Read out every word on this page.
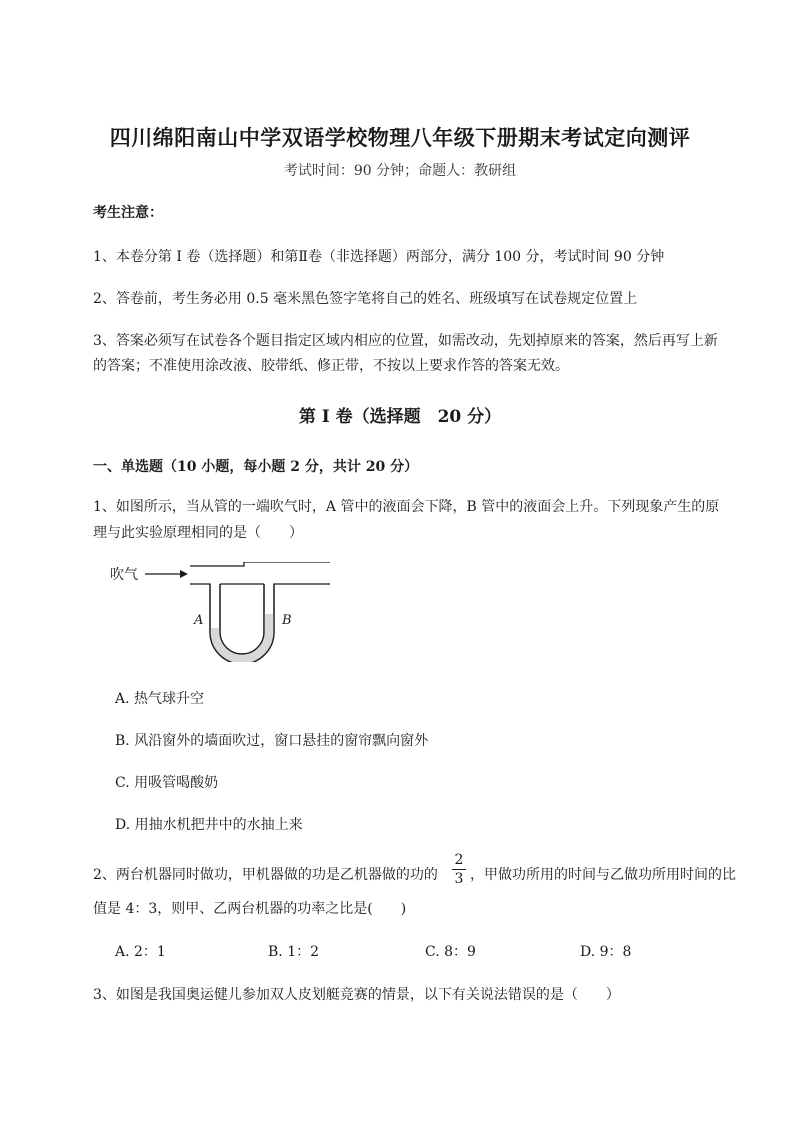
四川绵阳南山中学双语学校物理八年级下册期末考试定向测评
考试时间：90 分钟；命题人：教研组
考生注意：
1、本卷分第 I 卷（选择题）和第Ⅱ卷（非选择题）两部分，满分 100 分，考试时间 90 分钟
2、答卷前，考生务必用 0.5 毫米黑色签字笔将自己的姓名、班级填写在试卷规定位置上
3、答案必须写在试卷各个题目指定区域内相应的位置，如需改动，先划掉原来的答案，然后再写上新
的答案；不准使用涂改液、胶带纸、修正带，不按以上要求作答的答案无效。
第 I 卷（选择题　20 分）
一、单选题（10 小题，每小题 2 分，共计 20 分）
1、如图所示，当从管的一端吹气时，A 管中的液面会下降，B 管中的液面会上升。下列现象产生的原
理与此实验原理相同的是（　　）
吹气
A	B
A. 热气球升空
B. 风沿窗外的墙面吹过，窗口悬挂的窗帘飘向窗外
C. 用吸管喝酸奶
D. 用抽水机把井中的水抽上来
2、两台机器同时做功，甲机器做的功是乙机器做的功的
2
3 ，甲做功所用的时间与乙做功所用时间的比
值是 4：3，则甲、乙两台机器的功率之比是(　　)
A. 2：1	B. 1：2	C. 8：9	D. 9：8
3、如图是我国奥运健儿参加双人皮划艇竞赛的情景，以下有关说法错误的是（　　）
